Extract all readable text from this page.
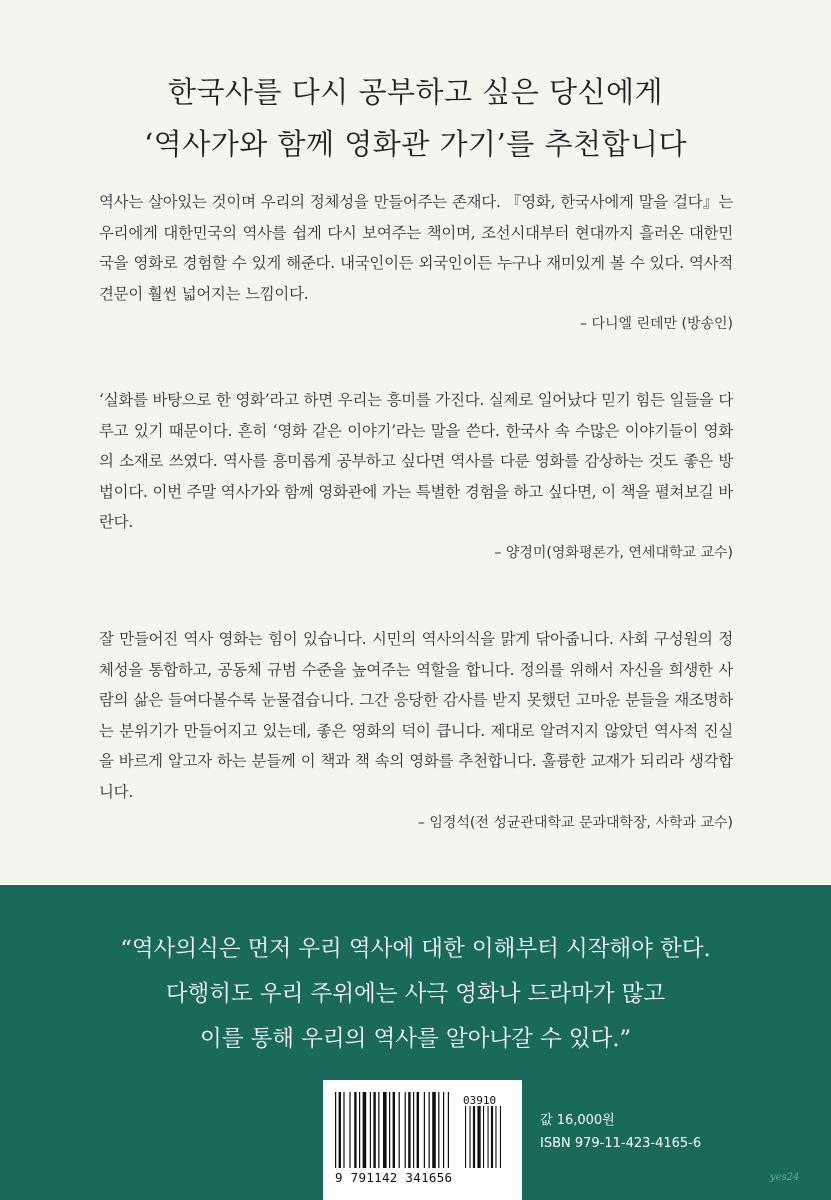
한국사를 다시 공부하고 싶은 당신에게
‘역사가와 함께 영화관 가기’를 추천합니다

역사는 살아있는 것이며 우리의 정체성을 만들어주는 존재다. 『영화, 한국사에게 말을 걸다』는 우리에게 대한민국의 역사를 쉽게 다시 보여주는 책이며, 조선시대부터 현대까지 흘러온 대한민국을 영화로 경험할 수 있게 해준다. 내국인이든 외국인이든 누구나 재미있게 볼 수 있다. 역사적 견문이 훨씬 넓어지는 느낌이다.

– 다니엘 린데만 (방송인)

‘실화를 바탕으로 한 영화’라고 하면 우리는 흥미를 가진다. 실제로 일어났다 믿기 힘든 일들을 다루고 있기 때문이다. 흔히 ‘영화 같은 이야기’라는 말을 쓴다. 한국사 속 수많은 이야기들이 영화의 소재로 쓰였다. 역사를 흥미롭게 공부하고 싶다면 역사를 다룬 영화를 감상하는 것도 좋은 방법이다. 이번 주말 역사가와 함께 영화관에 가는 특별한 경험을 하고 싶다면, 이 책을 펼쳐보길 바란다.

– 양경미(영화평론가, 연세대학교 교수)

잘 만들어진 역사 영화는 힘이 있습니다. 시민의 역사의식을 맑게 닦아줍니다. 사회 구성원의 정체성을 통합하고, 공동체 규범 수준을 높여주는 역할을 합니다. 정의를 위해서 자신을 희생한 사람의 삶은 들여다볼수록 눈물겹습니다. 그간 응당한 감사를 받지 못했던 고마운 분들을 재조명하는 분위기가 만들어지고 있는데, 좋은 영화의 덕이 큽니다. 제대로 알려지지 않았던 역사적 진실을 바르게 알고자 하는 분들께 이 책과 책 속의 영화를 추천합니다. 훌륭한 교재가 되리라 생각합니다.

– 임경석(전 성균관대학교 문과대학장, 사학과 교수)
“역사의식은 먼저 우리 역사에 대한 이해부터 시작해야 한다.
다행히도 우리 주위에는 사극 영화나 드라마가 많고
이를 통해 우리의 역사를 알아나갈 수 있다.”
03910
9 791142 341656
값 16,000원
ISBN 979-11-423-4165-6
yes24
